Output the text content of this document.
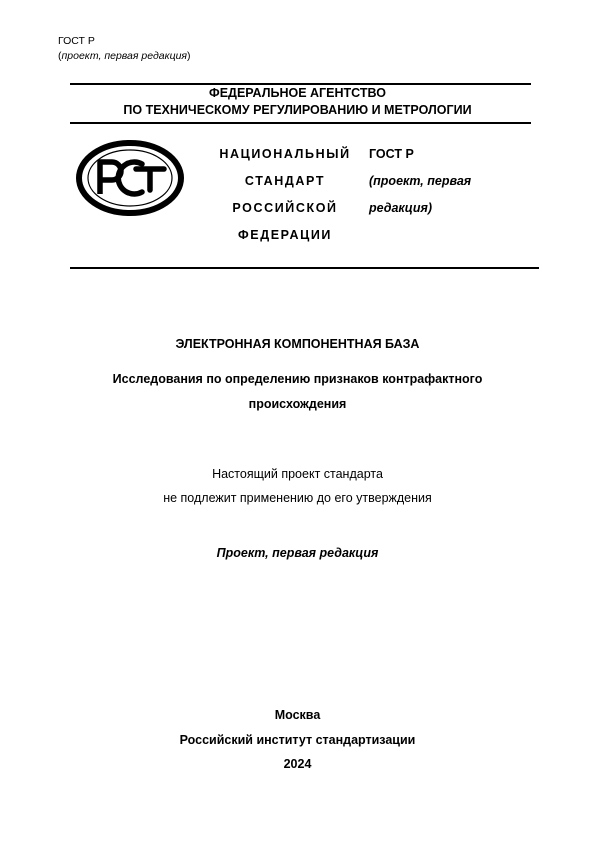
ГОСТ Р
(проект, первая редакция)
ФЕДЕРАЛЬНОЕ АГЕНТСТВО
ПО ТЕХНИЧЕСКОМУ РЕГУЛИРОВАНИЮ И МЕТРОЛОГИИ
НАЦИОНАЛЬНЫЙ
СТАНДАРТ
РОССИЙСКОЙ
ФЕДЕРАЦИИ
ГОСТ Р
(проект, первая
редакция)
ЭЛЕКТРОННАЯ КОМПОНЕНТНАЯ БАЗА
Исследования по определению признаков контрафактного
происхождения
Настоящий проект стандарта
не подлежит применению до его утверждения
Проект, первая редакция
Москва
Российский институт стандартизации
2024
